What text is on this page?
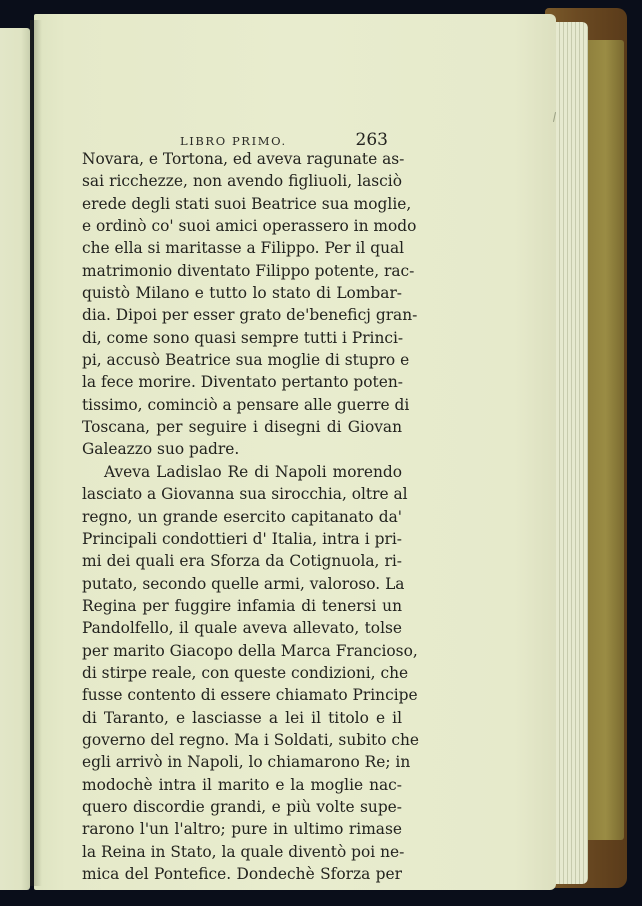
LIBRO PRIMO.	263
Novara, e Tortona, ed aveva ragunate as-
sai ricchezze, non avendo figliuoli, lasciò
erede degli stati suoi Beatrice sua moglie,
e ordinò co' suoi amici operassero in modo
che ella si maritasse a Filippo. Per il qual
matrimonio diventato Filippo potente, rac-
quistò Milano e tutto lo stato di Lombar-
dia. Dipoi per esser grato de'beneficj gran-
di, come sono quasi sempre tutti i Princi-
pi, accusò Beatrice sua moglie di stupro e
la fece morire. Diventato pertanto poten-
tissimo, cominciò a pensare alle guerre di
Toscana, per seguire i disegni di Giovan
Galeazzo suo padre.
Aveva Ladislao Re di Napoli morendo
lasciato a Giovanna sua sirocchia, oltre al
regno, un grande esercito capitanato da'
Principali condottieri d' Italia, intra i pri-
mi dei quali era Sforza da Cotignuola, ri-
putato, secondo quelle armi, valoroso. La
Regina per fuggire infamia di tenersi un
Pandolfello, il quale aveva allevato, tolse
per marito Giacopo della Marca Francioso,
di stirpe reale, con queste condizioni, che
fusse contento di essere chiamato Principe
di Taranto, e lasciasse a lei il titolo e il
governo del regno. Ma i Soldati, subito che
egli arrivò in Napoli, lo chiamarono Re; in
modochè intra il marito e la moglie nac-
quero discordie grandi, e più volte supe-
rarono l'un l'altro; pure in ultimo rimase
la Reina in Stato, la quale diventò poi ne-
mica del Pontefice. Dondechè Sforza per
